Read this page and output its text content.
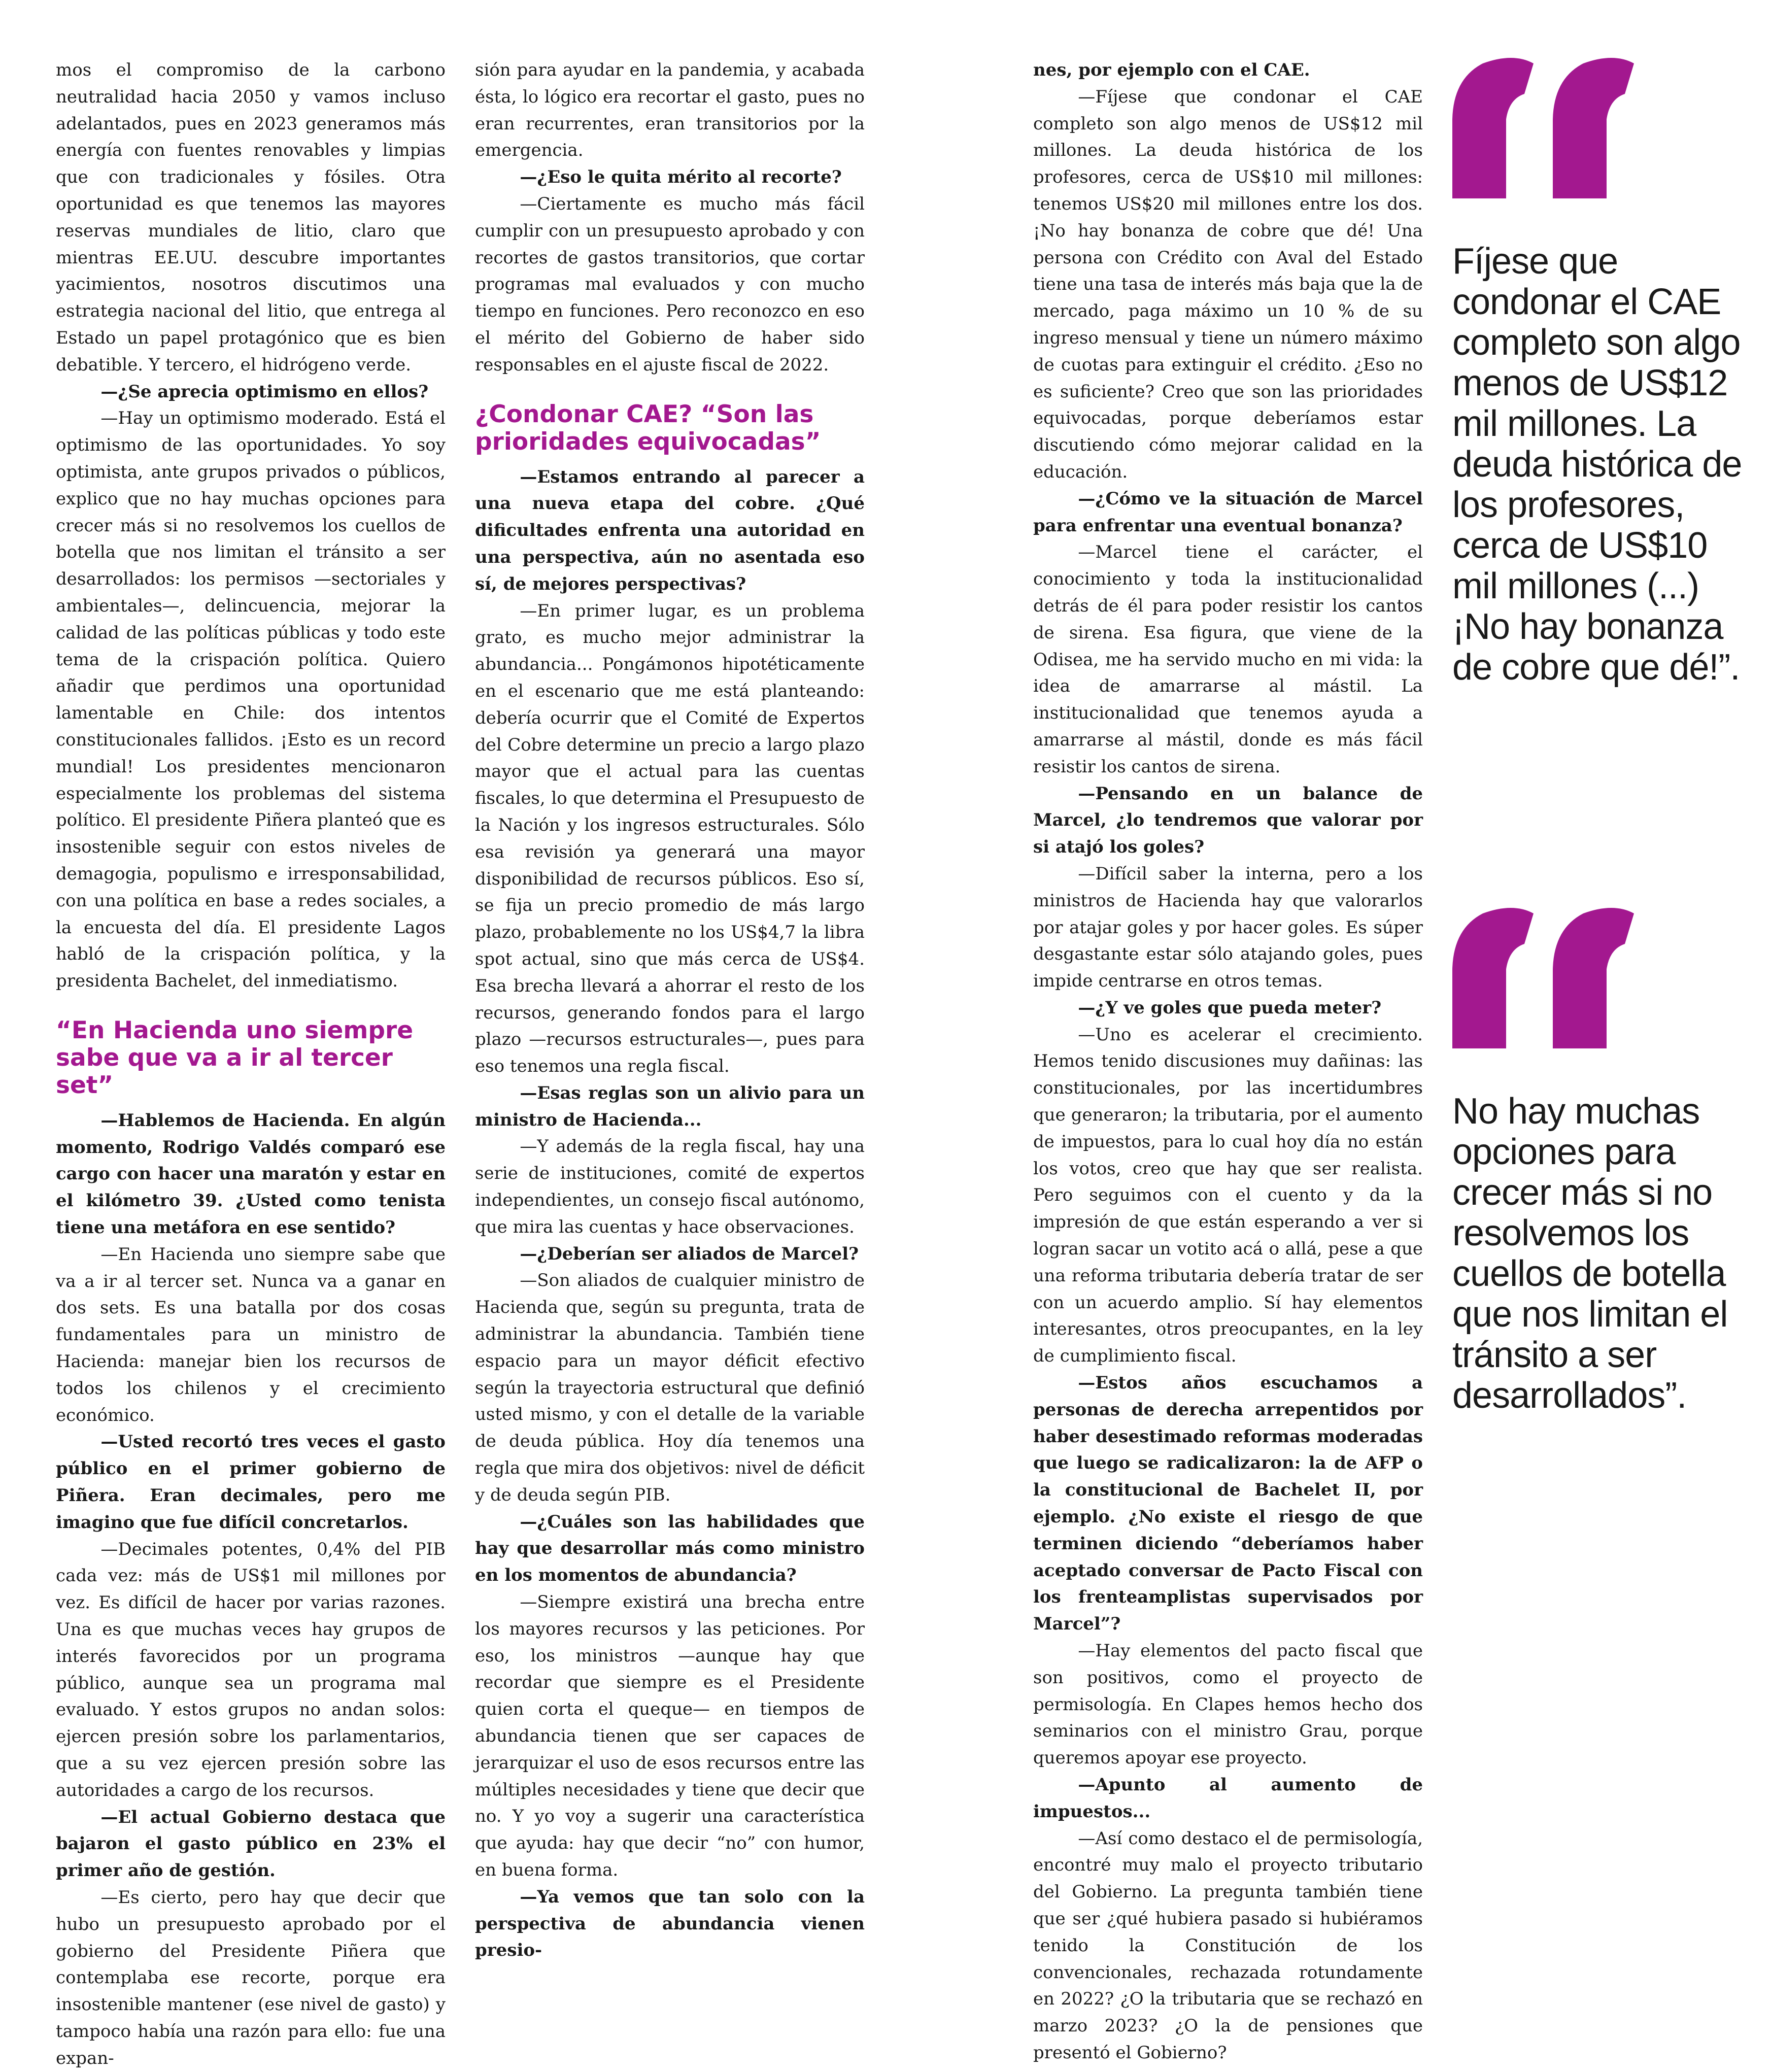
mos el compromiso de la carbono neutralidad hacia 2050 y vamos incluso adelantados, pues en 2023 generamos más energía con fuentes renovables y limpias que con tradicionales y fósiles. Otra oportunidad es que tenemos las mayores reservas mundiales de litio, claro que mientras EE.UU. descubre importantes yacimientos, nosotros discutimos una estrategia nacional del litio, que entrega al Estado un papel protagónico que es bien debatible. Y tercero, el hidrógeno verde.

—¿Se aprecia optimismo en ellos?

—Hay un optimismo moderado. Está el optimismo de las oportunidades. Yo soy optimista, ante grupos privados o públicos, explico que no hay muchas opciones para crecer más si no resolvemos los cuellos de botella que nos limitan el tránsito a ser desarrollados: los permisos —sectoriales y ambientales—, delincuencia, mejorar la calidad de las políticas públicas y todo este tema de la crispación política. Quiero añadir que perdimos una oportunidad lamentable en Chile: dos intentos constitucionales fallidos. ¡Esto es un record mundial! Los presidentes mencionaron especialmente los problemas del sistema político. El presidente Piñera planteó que es insostenible seguir con estos niveles de demagogia, populismo e irresponsabilidad, con una política en base a redes sociales, a la encuesta del día. El presidente Lagos habló de la crispación política, y la presidenta Bachelet, del inmediatismo.

“En Hacienda uno siempre sabe que va a ir al tercer set”

—Hablemos de Hacienda. En algún momento, Rodrigo Valdés comparó ese cargo con hacer una maratón y estar en el kilómetro 39. ¿Usted como tenista tiene una metáfora en ese sentido?

—En Hacienda uno siempre sabe que va a ir al tercer set. Nunca va a ganar en dos sets. Es una batalla por dos cosas fundamentales para un ministro de Hacienda: manejar bien los recursos de todos los chilenos y el crecimiento económico.

—Usted recortó tres veces el gasto público en el primer gobierno de Piñera. Eran decimales, pero me imagino que fue difícil concretarlos.

—Decimales potentes, 0,4% del PIB cada vez: más de US$1 mil millones por vez. Es difícil de hacer por varias razones. Una es que muchas veces hay grupos de interés favorecidos por un programa público, aunque sea un programa mal evaluado. Y estos grupos no andan solos: ejercen presión sobre los parlamentarios, que a su vez ejercen presión sobre las autoridades a cargo de los recursos.

—El actual Gobierno destaca que bajaron el gasto público en 23% el primer año de gestión.

—Es cierto, pero hay que decir que hubo un presupuesto aprobado por el gobierno del Presidente Piñera que contemplaba ese recorte, porque era insostenible mantener (ese nivel de gasto) y tampoco había una razón para ello: fue una expan-

sión para ayudar en la pandemia, y acabada ésta, lo lógico era recortar el gasto, pues no eran recurrentes, eran transitorios por la emergencia.

—¿Eso le quita mérito al recorte?

—Ciertamente es mucho más fácil cumplir con un presupuesto aprobado y con recortes de gastos transitorios, que cortar programas mal evaluados y con mucho tiempo en funciones. Pero reconozco en eso el mérito del Gobierno de haber sido responsables en el ajuste fiscal de 2022.

¿Condonar CAE? “Son las prioridades equivocadas”

—Estamos entrando al parecer a una nueva etapa del cobre. ¿Qué dificultades enfrenta una autoridad en una perspectiva, aún no asentada eso sí, de mejores perspectivas?

—En primer lugar, es un problema grato, es mucho mejor administrar la abundancia... Pongámonos hipotéticamente en el escenario que me está planteando: debería ocurrir que el Comité de Expertos del Cobre determine un precio a largo plazo mayor que el actual para las cuentas fiscales, lo que determina el Presupuesto de la Nación y los ingresos estructurales. Sólo esa revisión ya generará una mayor disponibilidad de recursos públicos. Eso sí, se fija un precio promedio de más largo plazo, probablemente no los US$4,7 la libra spot actual, sino que más cerca de US$4. Esa brecha llevará a ahorrar el resto de los recursos, generando fondos para el largo plazo —recursos estructurales—, pues para eso tenemos una regla fiscal.

—Esas reglas son un alivio para un ministro de Hacienda...

—Y además de la regla fiscal, hay una serie de instituciones, comité de expertos independientes, un consejo fiscal autónomo, que mira las cuentas y hace observaciones.

—¿Deberían ser aliados de Marcel?

—Son aliados de cualquier ministro de Hacienda que, según su pregunta, trata de administrar la abundancia. También tiene espacio para un mayor déficit efectivo según la trayectoria estructural que definió usted mismo, y con el detalle de la variable de deuda pública. Hoy día tenemos una regla que mira dos objetivos: nivel de déficit y de deuda según PIB.

—¿Cuáles son las habilidades que hay que desarrollar más como ministro en los momentos de abundancia?

—Siempre existirá una brecha entre los mayores recursos y las peticiones. Por eso, los ministros —aunque hay que recordar que siempre es el Presidente quien corta el queque— en tiempos de abundancia tienen que ser capaces de jerarquizar el uso de esos recursos entre las múltiples necesidades y tiene que decir que no. Y yo voy a sugerir una característica que ayuda: hay que decir “no” con humor, en buena forma.

—Ya vemos que tan solo con la perspectiva de abundancia vienen presio-

nes, por ejemplo con el CAE.

—Fíjese que condonar el CAE completo son algo menos de US$12 mil millones. La deuda histórica de los profesores, cerca de US$10 mil millones: tenemos US$20 mil millones entre los dos. ¡No hay bonanza de cobre que dé! Una persona con Crédito con Aval del Estado tiene una tasa de interés más baja que la de mercado, paga máximo un 10 % de su ingreso mensual y tiene un número máximo de cuotas para extinguir el crédito. ¿Eso no es suficiente? Creo que son las prioridades equivocadas, porque deberíamos estar discutiendo cómo mejorar calidad en la educación.

—¿Cómo ve la situación de Marcel para enfrentar una eventual bonanza?

—Marcel tiene el carácter, el conocimiento y toda la institucionalidad detrás de él para poder resistir los cantos de sirena. Esa figura, que viene de la Odisea, me ha servido mucho en mi vida: la idea de amarrarse al mástil. La institucionalidad que tenemos ayuda a amarrarse al mástil, donde es más fácil resistir los cantos de sirena.

—Pensando en un balance de Marcel, ¿lo tendremos que valorar por si atajó los goles?

—Difícil saber la interna, pero a los ministros de Hacienda hay que valorarlos por atajar goles y por hacer goles. Es súper desgastante estar sólo atajando goles, pues impide centrarse en otros temas.

—¿Y ve goles que pueda meter?

—Uno es acelerar el crecimiento. Hemos tenido discusiones muy dañinas: las constitucionales, por las incertidumbres que generaron; la tributaria, por el aumento de impuestos, para lo cual hoy día no están los votos, creo que hay que ser realista. Pero seguimos con el cuento y da la impresión de que están esperando a ver si logran sacar un votito acá o allá, pese a que una reforma tributaria debería tratar de ser con un acuerdo amplio. Sí hay elementos interesantes, otros preocupantes, en la ley de cumplimiento fiscal.

—Estos años escuchamos a personas de derecha arrepentidos por haber desestimado reformas moderadas que luego se radicalizaron: la de AFP o la constitucional de Bachelet II, por ejemplo. ¿No existe el riesgo de que terminen diciendo “deberíamos haber aceptado conversar de Pacto Fiscal con los frenteamplistas supervisados por Marcel”?

—Hay elementos del pacto fiscal que son positivos, como el proyecto de permisología. En Clapes hemos hecho dos seminarios con el ministro Grau, porque queremos apoyar ese proyecto.

—Apunto al aumento de impuestos...

—Así como destaco el de permisología, encontré muy malo el proyecto tributario del Gobierno. La pregunta también tiene que ser ¿qué hubiera pasado si hubiéramos tenido la Constitución de los convencionales, rechazada rotundamente en 2022? ¿O la tributaria que se rechazó en marzo 2023? ¿O la de pensiones que presentó el Gobierno?

Fíjese que condonar el CAE completo son algo menos de US$12 mil millones. La deuda histórica de los profesores, cerca de US$10 mil millones (...) ¡No hay bonanza de cobre que dé!”.
No hay muchas opciones para crecer más si no resolvemos los cuellos de botella que nos limitan el tránsito a ser desarrollados”.
